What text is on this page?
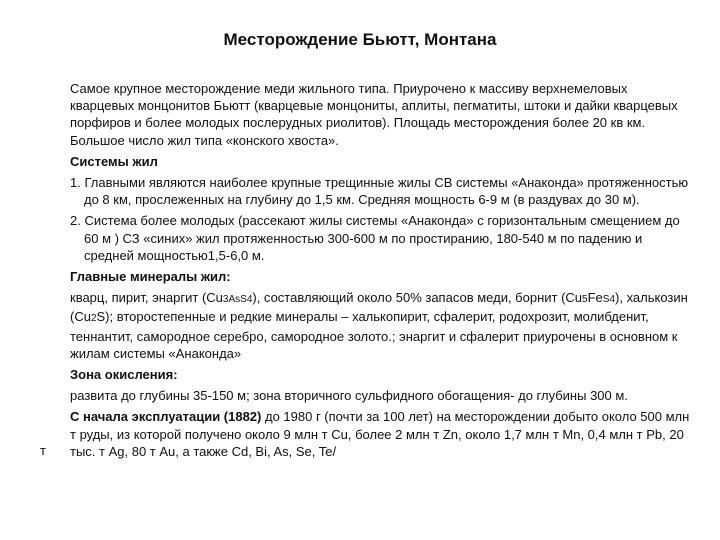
Месторождение Бьютт, Монтана

Самое крупное месторождение меди жильного типа. Приурочено к массиву верхнемеловых кварцевых монцонитов Бьютт (кварцевые монцониты, аплиты, пегматиты, штоки и дайки кварцевых порфиров и более молодых послерудных риолитов). Площадь месторождения более 20 кв км. Большое число жил типа «конского хвоста».

Системы жил

1. Главными являются наиболее крупные трещинные жилы СВ системы «Анаконда» протяженностью до 8 км, прослеженных на глубину до 1,5 км. Средняя мощность 6-9 м (в раздувах до 30 м).

2. Система более молодых (рассекают жилы системы «Анаконда» с горизонтальным смещением до 60 м ) СЗ «синих» жил протяженностью 300-600 м по простиранию, 180-540 м по падению и средней мощностью1,5-6,0 м.

Главные минералы жил:

кварц, пирит, энаргит (Cu3AsS4), составляющий около 50% запасов меди, борнит (Cu5FeS4), халькозин (Cu2S); второстепенные и редкие минералы – халькопирит, сфалерит, родохрозит, молибденит, теннантит, самородное серебро, самородное золото.; энаргит и сфалерит приурочены в основном к жилам системы «Анаконда»

Зона окисления:

развита до глубины 35-150 м; зона вторичного сульфидного обогащения- до глубины 300 м.

С начала эксплуатации (1882) до 1980 г (почти за 100 лет) на месторождении добыто около 500 млн т руды, из которой получено около 9 млн т Cu, более 2 млн т Zn, около 1,7 млн т Mn, 0,4 млн т Pb, 20 тыс. т Ag, 80 т Au, а также Cd, Bi, As, Se, Te/

т
